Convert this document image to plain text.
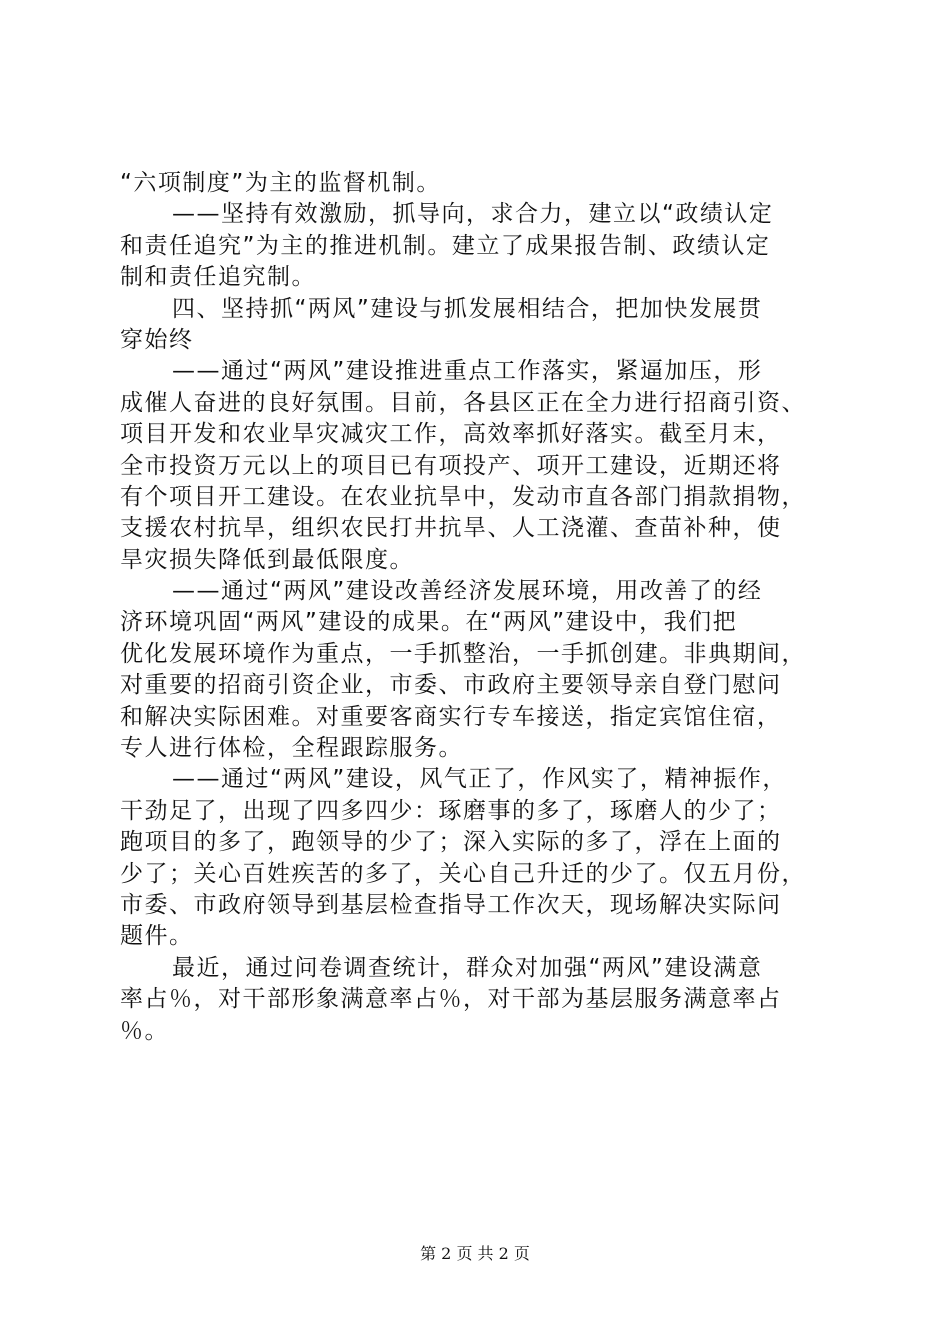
“六项制度”为主的监督机制。
——坚持有效激励，抓导向，求合力，建立以“政绩认定
和责任追究”为主的推进机制。建立了成果报告制、政绩认定
制和责任追究制。
四、坚持抓“两风”建设与抓发展相结合，把加快发展贯
穿始终
——通过“两风”建设推进重点工作落实，紧逼加压，形
成催人奋进的良好氛围。目前，各县区正在全力进行招商引资、
项目开发和农业旱灾减灾工作，高效率抓好落实。截至月末，
全市投资万元以上的项目已有项投产、项开工建设，近期还将
有个项目开工建设。在农业抗旱中，发动市直各部门捐款捐物，
支援农村抗旱，组织农民打井抗旱、人工浇灌、查苗补种，使
旱灾损失降低到最低限度。
——通过“两风”建设改善经济发展环境，用改善了的经
济环境巩固“两风”建设的成果。在“两风”建设中，我们把
优化发展环境作为重点，一手抓整治，一手抓创建。非典期间，
对重要的招商引资企业，市委、市政府主要领导亲自登门慰问
和解决实际困难。对重要客商实行专车接送，指定宾馆住宿，
专人进行体检，全程跟踪服务。
——通过“两风”建设，风气正了，作风实了，精神振作，
干劲足了，出现了四多四少：琢磨事的多了，琢磨人的少了；
跑项目的多了，跑领导的少了；深入实际的多了，浮在上面的
少了；关心百姓疾苦的多了，关心自己升迁的少了。仅五月份，
市委、市政府领导到基层检查指导工作次天，现场解决实际问
题件。
最近，通过问卷调查统计，群众对加强“两风”建设满意
率占％，对干部形象满意率占％，对干部为基层服务满意率占
％。
第 2 页 共 2 页
